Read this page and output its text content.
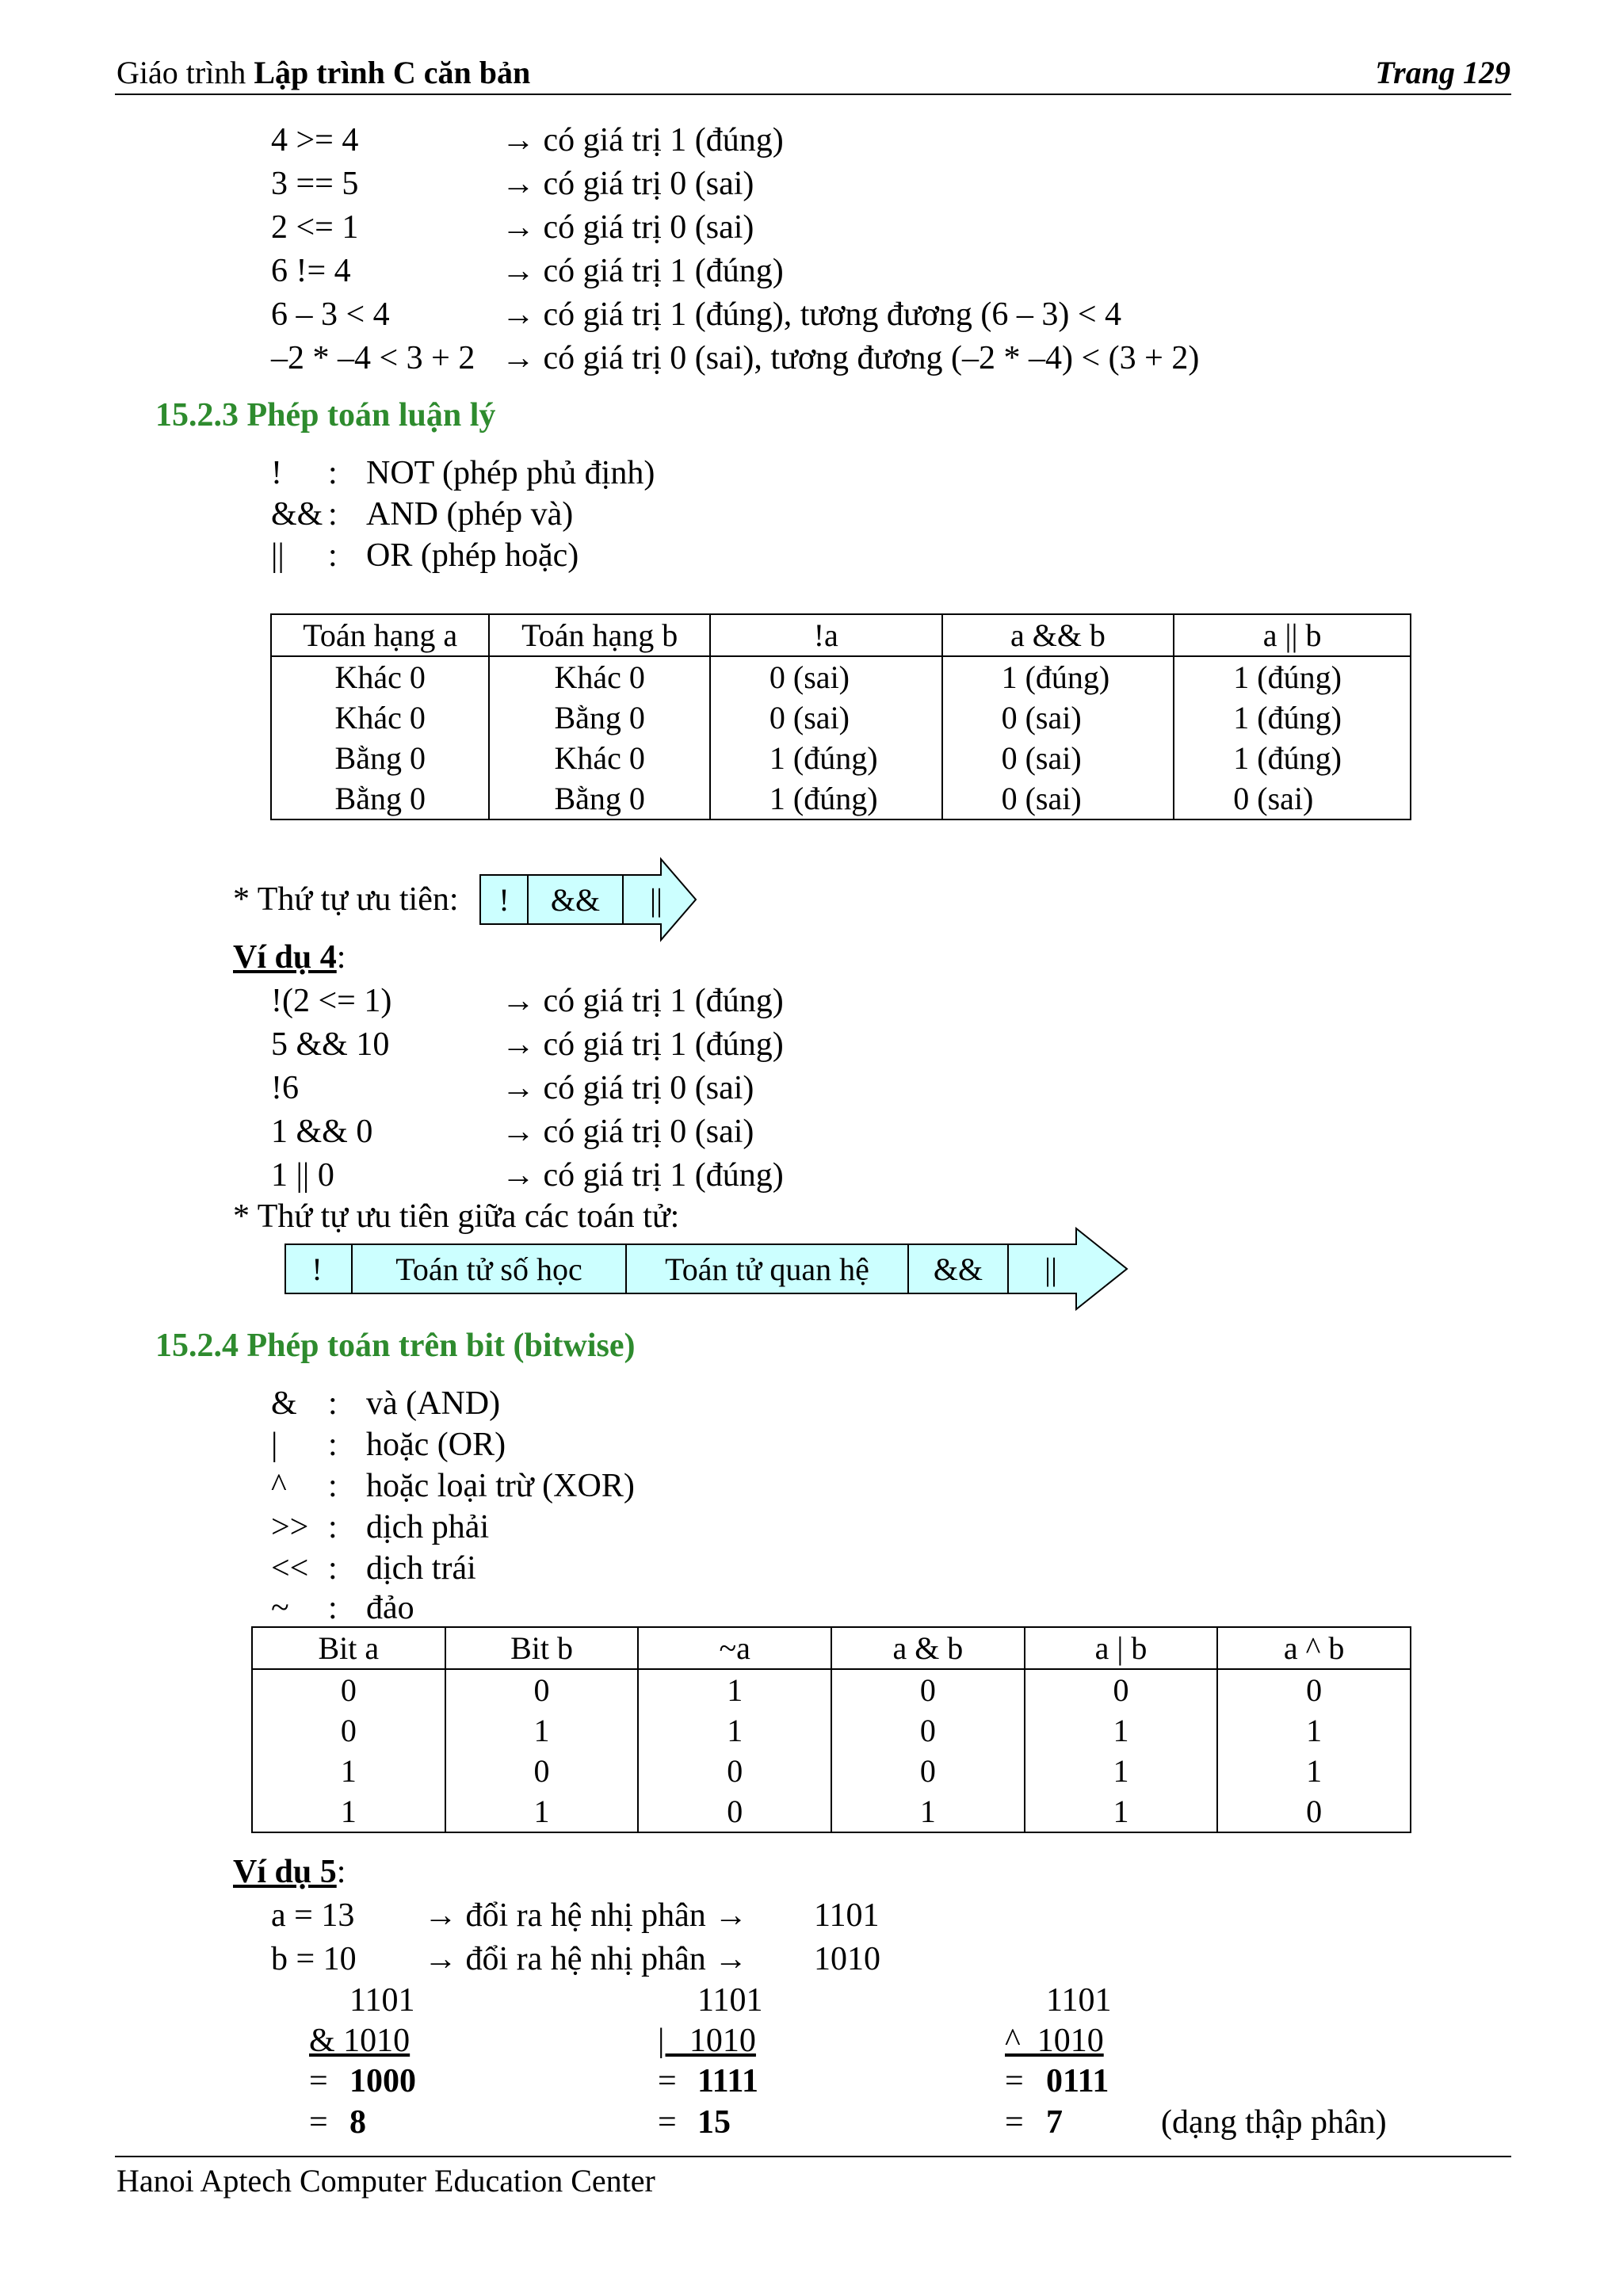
Giáo trình Lập trình C căn bản	Trang 129
4 >= 4	→ có giá trị 1 (đúng)
3 == 5	→ có giá trị 0 (sai)
2 <= 1	→ có giá trị 0 (sai)
6 != 4	→ có giá trị 1 (đúng)
6 – 3 < 4	→ có giá trị 1 (đúng), tương đương (6 – 3) < 4
–2 * –4 < 3 + 2 → có giá trị 0 (sai), tương đương (–2 * –4) < (3 + 2)
15.2.3 Phép toán luận lý
! : NOT (phép phủ định)
&& : AND (phép và)
|| : OR (phép hoặc)
Toán hạng a	Toán hạng b	!a	a && b	a || b
Khác 0	Khác 0	0 (sai)	1 (đúng)	1 (đúng)
Khác 0	Bằng 0	0 (sai)	0 (sai)	1 (đúng)
Bằng 0	Khác 0	1 (đúng)	0 (sai)	1 (đúng)
Bằng 0	Bằng 0	1 (đúng)	0 (sai)	0 (sai)
* Thứ tự ưu tiên: ! && ||
Ví dụ 4:
!(2 <= 1)	→ có giá trị 1 (đúng)
5 && 10	→ có giá trị 1 (đúng)
!6	→ có giá trị 0 (sai)
1 && 0	→ có giá trị 0 (sai)
1 || 0	→ có giá trị 1 (đúng)
* Thứ tự ưu tiên giữa các toán tử:
! Toán tử số học	Toán tử quan hệ && ||
15.2.4 Phép toán trên bit (bitwise)
& : và (AND)
| : hoặc (OR)
^ : hoặc loại trừ (XOR)
>> : dịch phải
<< : dịch trái
~ : đảo
Bit a	Bit b	~a	a & b	a | b	a ^ b
0	0	1	0	0	0
0	1	1	0	1	1
1	0	0	0	1	1
1	1	0	1	1	0
Ví dụ 5:
a = 13 → đổi ra hệ nhị phân → 1101
b = 10 → đổi ra hệ nhị phân → 1010
1101
& 1010
= 1000
= 8
1101
|   1010
= 1111
= 15
1101
^  1010
= 0111
= 7	(dạng thập phân)
Hanoi Aptech Computer Education Center
